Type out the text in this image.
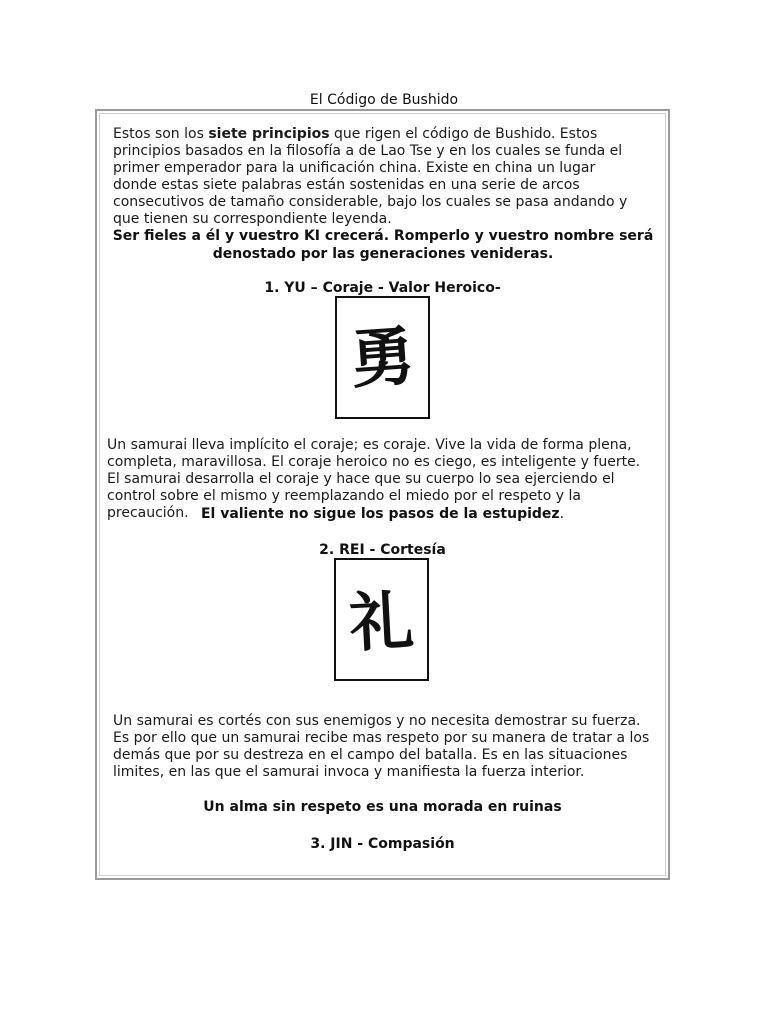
El Código de Bushido
Estos son los siete principios que rigen el código de Bushido. Estos principios basados en la filosofía a de Lao Tse y en los cuales se funda el primer emperador para la unificación china. Existe en china un lugar donde estas siete palabras están sostenidas en una serie de arcos consecutivos de tamaño considerable, bajo los cuales se pasa andando y que tienen su correspondiente leyenda.
Ser fieles a él y vuestro KI crecerá. Romperlo y vuestro nombre será denostado por las generaciones venideras.
1. YU – Coraje - Valor Heroico-
勇
Un samurai lleva implícito el coraje; es coraje. Vive la vida de forma plena, completa, maravillosa. El coraje heroico no es ciego, es inteligente y fuerte. El samurai desarrolla el coraje y hace que su cuerpo lo sea ejerciendo el control sobre el mismo y reemplazando el miedo por el respeto y la precaución. El valiente no sigue los pasos de la estupidez.
2. REI - Cortesía
礼
Un samurai es cortés con sus enemigos y no necesita demostrar su fuerza. Es por ello que un samurai recibe mas respeto por su manera de tratar a los demás que por su destreza en el campo del batalla. Es en las situaciones limites, en las que el samurai invoca y manifiesta la fuerza interior.
Un alma sin respeto es una morada en ruinas
3. JIN - Compasión
